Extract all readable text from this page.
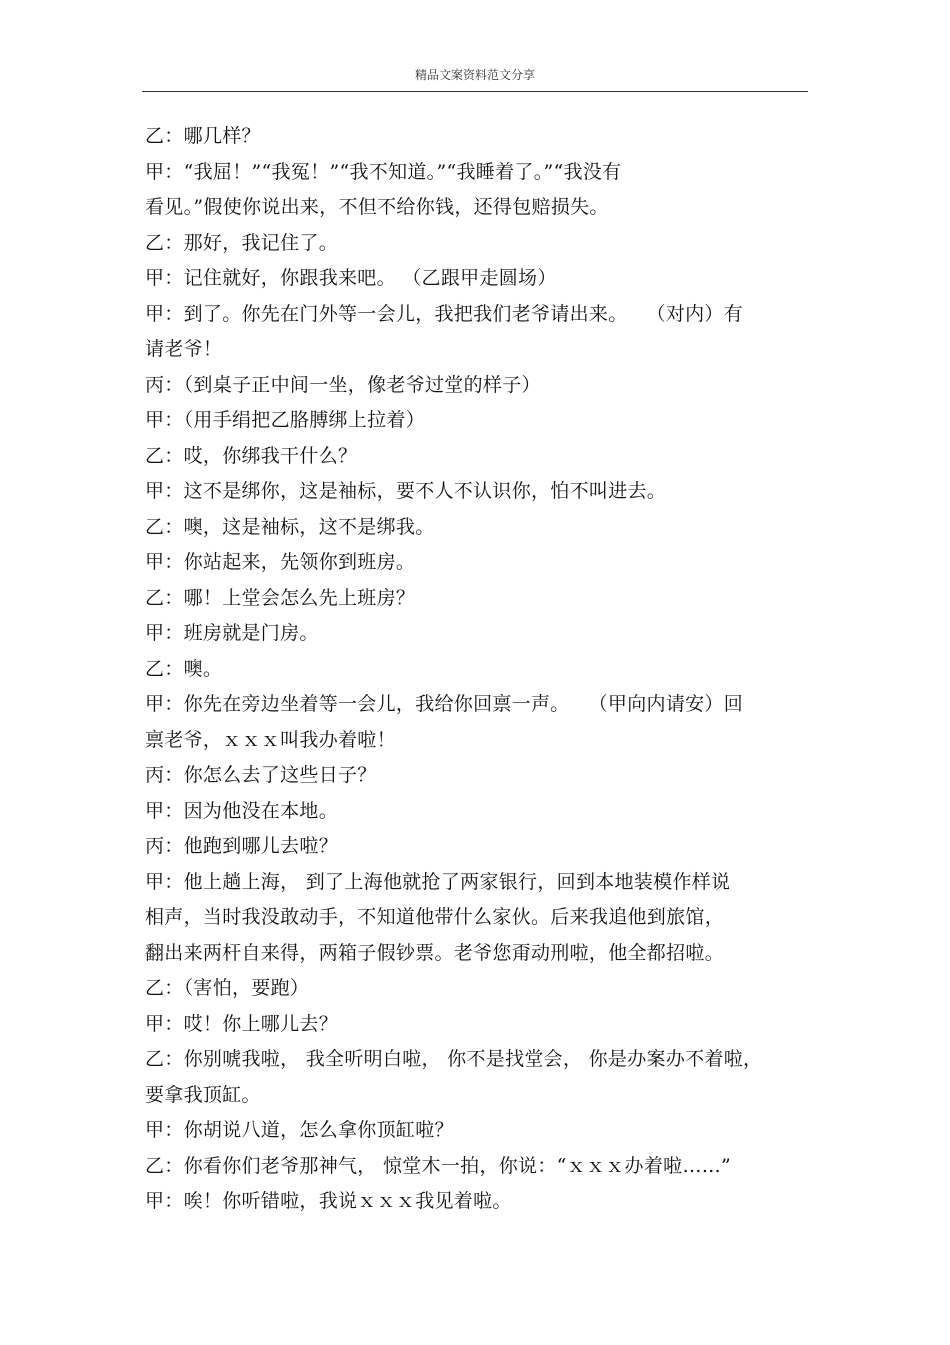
精品文案资料范文分享
乙：哪几样？
甲：“我屈！”“我冤！”“我不知道。”“我睡着了。”“我没有
看见。”假使你说出来，不但不给你钱，还得包赔损失。
乙：那好，我记住了。
甲：记住就好，你跟我来吧。 （乙跟甲走圆场）
甲：到了。你先在门外等一会儿，我把我们老爷请出来。   （对内）有
请老爷！
丙：（到桌子正中间一坐，像老爷过堂的样子）
甲：（用手绢把乙胳膊绑上拉着）
乙：哎，你绑我干什么？
甲：这不是绑你，这是袖标，要不人不认识你，怕不叫进去。
乙：噢，这是袖标，这不是绑我。
甲：你站起来，先领你到班房。
乙：哪！上堂会怎么先上班房？
甲：班房就是门房。
乙：噢。
甲：你先在旁边坐着等一会儿，我给你回禀一声。   （甲向内请安）回
禀老爷，ｘｘｘ叫我办着啦！
丙：你怎么去了这些日子？
甲：因为他没在本地。
丙：他跑到哪儿去啦？
甲：他上趟上海， 到了上海他就抢了两家银行，回到本地装模作样说
相声，当时我没敢动手，不知道他带什么家伙。后来我追他到旅馆，
翻出来两杆自来得，两箱子假钞票。老爷您甭动刑啦，他全都招啦。
乙：（害怕，要跑）
甲：哎！你上哪儿去？
乙：你别唬我啦， 我全听明白啦， 你不是找堂会， 你是办案办不着啦，
要拿我顶缸。
甲：你胡说八道，怎么拿你顶缸啦？
乙：你看你们老爷那神气， 惊堂木一拍，你说：“ｘｘｘ办着啦……”
甲：唉！你听错啦，我说ｘｘｘ我见着啦。
